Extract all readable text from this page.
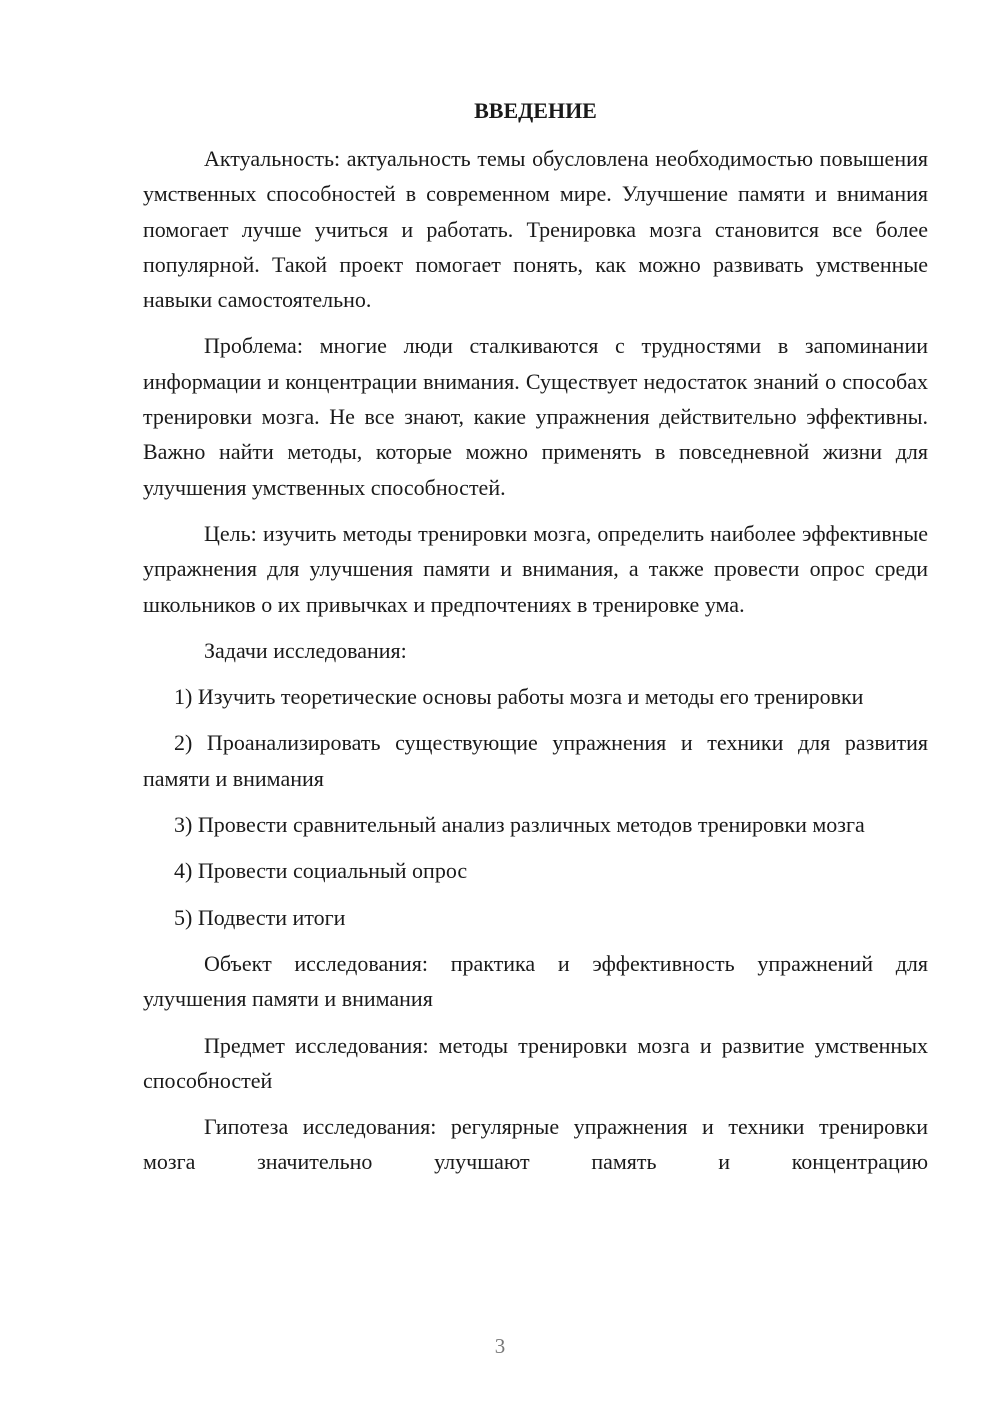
ВВЕДЕНИЕ

Актуальность: актуальность темы обусловлена необходимостью повышения умственных способностей в современном мире. Улучшение памяти и внимания помогает лучше учиться и работать. Тренировка мозга становится все более популярной. Такой проект помогает понять, как можно развивать умственные навыки самостоятельно.

Проблема: многие люди сталкиваются с трудностями в запоминании информации и концентрации внимания. Существует недостаток знаний о способах тренировки мозга. Не все знают, какие упражнения действительно эффективны. Важно найти методы, которые можно применять в повседневной жизни для улучшения умственных способностей.

Цель: изучить методы тренировки мозга, определить наиболее эффективные упражнения для улучшения памяти и внимания, а также провести опрос среди школьников о их привычках и предпочтениях в тренировке ума.

Задачи исследования:

1) Изучить теоретические основы работы мозга и методы его тренировки

2) Проанализировать существующие упражнения и техники для развития памяти и внимания

3) Провести сравнительный анализ различных методов тренировки мозга

4) Провести социальный опрос

5) Подвести итоги

Объект исследования: практика и эффективность упражнений для улучшения памяти и внимания

Предмет исследования: методы тренировки мозга и развитие умственных способностей

Гипотеза исследования: регулярные упражнения и техники тренировки мозга значительно улучшают память и концентрацию

3
